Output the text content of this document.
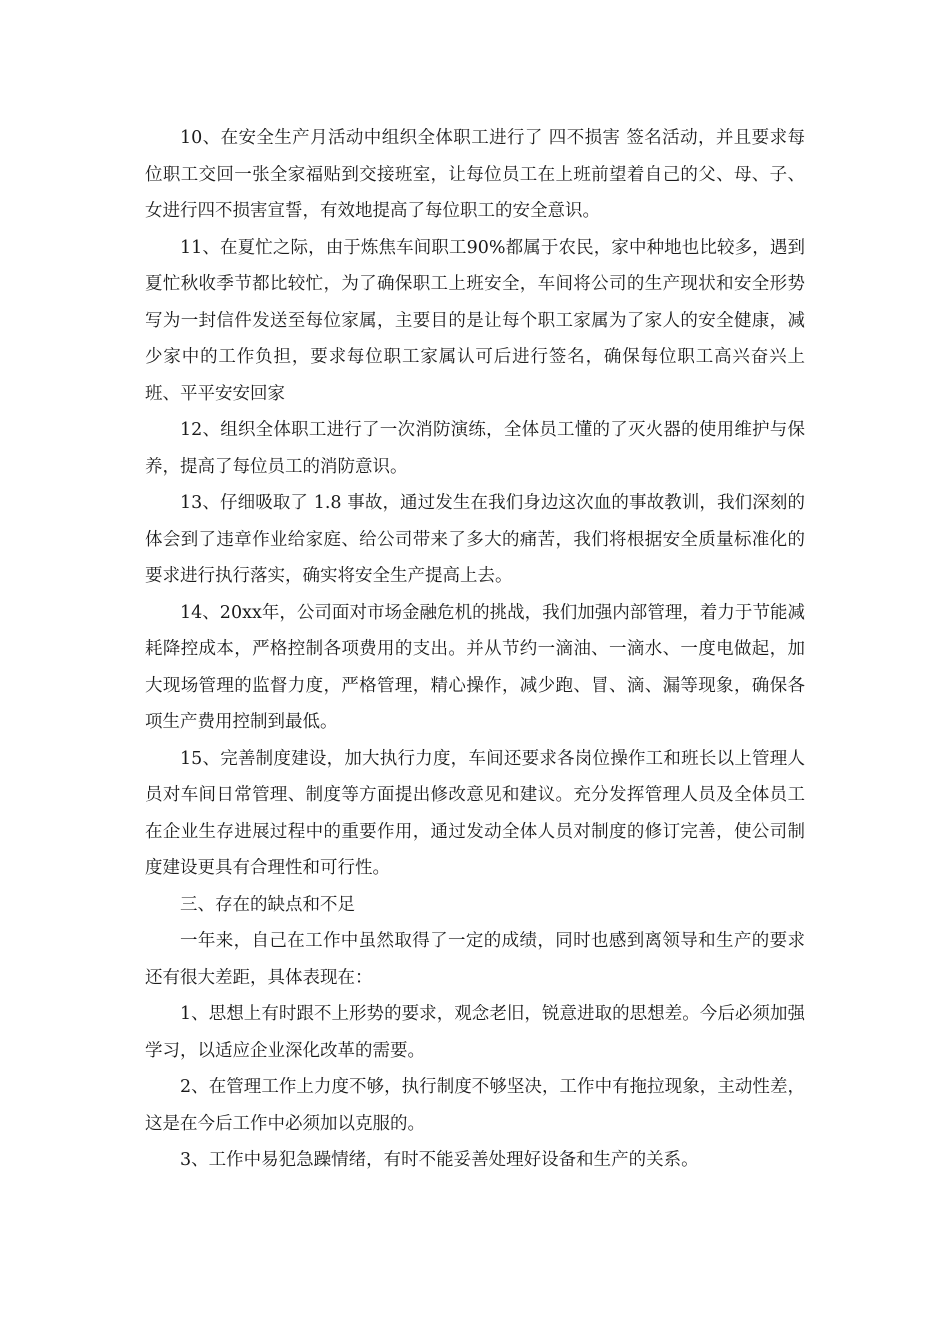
10、在安全生产月活动中组织全体职工进行了 四不损害 签名活动，并且要求每位职工交回一张全家福贴到交接班室，让每位员工在上班前望着自己的父、母、子、女进行四不损害宣誓，有效地提高了每位职工的安全意识。

11、在夏忙之际，由于炼焦车间职工90%都属于农民，家中种地也比较多，遇到夏忙秋收季节都比较忙，为了确保职工上班安全，车间将公司的生产现状和安全形势写为一封信件发送至每位家属，主要目的是让每个职工家属为了家人的安全健康，减少家中的工作负担，要求每位职工家属认可后进行签名，确保每位职工高兴奋兴上班、平平安安回家

12、组织全体职工进行了一次消防演练，全体员工懂的了灭火器的使用维护与保养，提高了每位员工的消防意识。

13、仔细吸取了 1.8 事故，通过发生在我们身边这次血的事故教训，我们深刻的体会到了违章作业给家庭、给公司带来了多大的痛苦，我们将根据安全质量标准化的要求进行执行落实，确实将安全生产提高上去。

14、20xx年，公司面对市场金融危机的挑战，我们加强内部管理，着力于节能减耗降控成本，严格控制各项费用的支出。并从节约一滴油、一滴水、一度电做起，加大现场管理的监督力度，严格管理，精心操作，减少跑、冒、滴、漏等现象，确保各项生产费用控制到最低。

15、完善制度建设，加大执行力度，车间还要求各岗位操作工和班长以上管理人员对车间日常管理、制度等方面提出修改意见和建议。充分发挥管理人员及全体员工在企业生存进展过程中的重要作用，通过发动全体人员对制度的修订完善，使公司制度建设更具有合理性和可行性。

三、存在的缺点和不足

一年来，自己在工作中虽然取得了一定的成绩，同时也感到离领导和生产的要求还有很大差距，具体表现在：

1、思想上有时跟不上形势的要求，观念老旧，锐意进取的思想差。今后必须加强学习，以适应企业深化改革的需要。

2、在管理工作上力度不够，执行制度不够坚决，工作中有拖拉现象，主动性差，这是在今后工作中必须加以克服的。

3、工作中易犯急躁情绪，有时不能妥善处理好设备和生产的关系。
